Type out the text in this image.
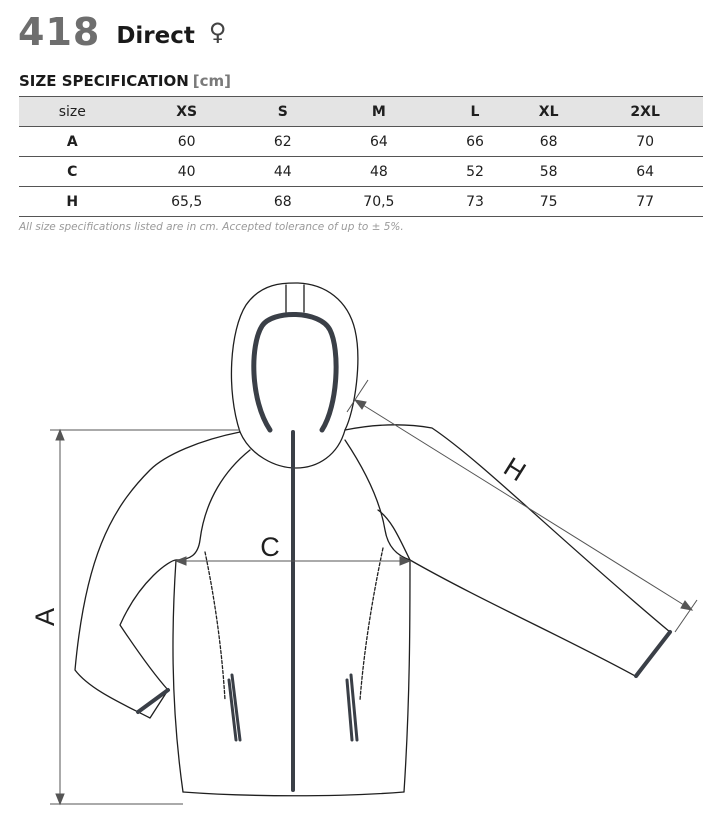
418 Direct ♀
SIZE SPECIFICATION [cm]
size	XS	S	M	L	XL	2XL
A	60	62	64	66	68	70
C	40	44	48	52	58	64
H	65,5	68	70,5	73	75	77
All size specifications listed are in cm. Accepted tolerance of up to ± 5%.
A
C
H
